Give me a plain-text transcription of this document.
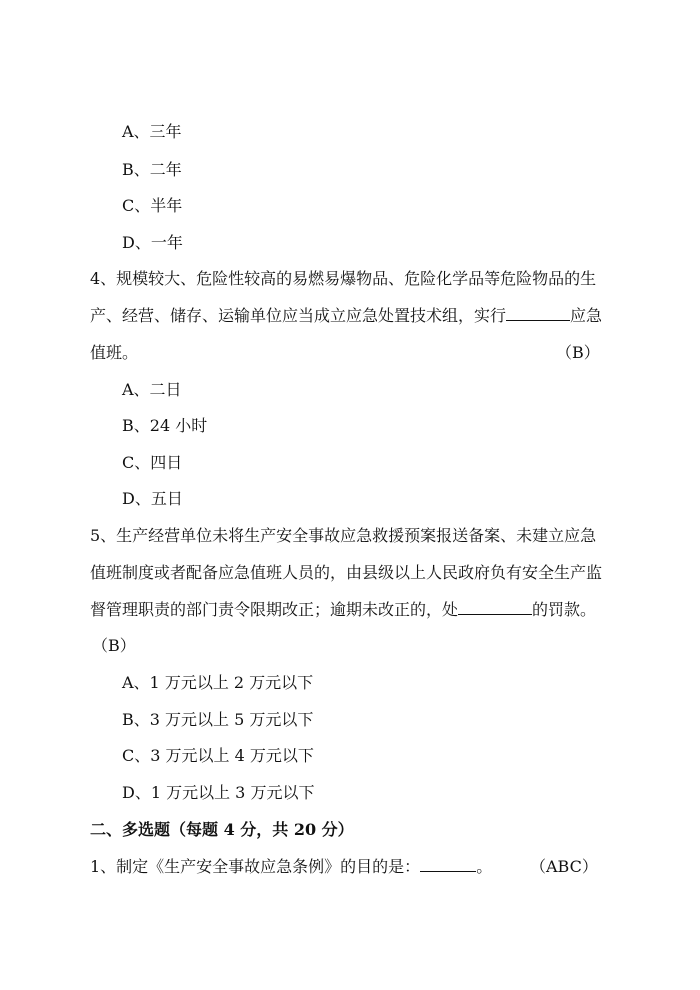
A、三年
B、二年
C、半年
D、一年
4、规模较大、危险性较高的易燃易爆物品、危险化学品等危险物品的生
产、经营、储存、运输单位应当成立应急处置技术组，实行	应急
值班。	（B）
A、二日
B、24 小时
C、四日
D、五日
5、生产经营单位未将生产安全事故应急救援预案报送备案、未建立应急
值班制度或者配备应急值班人员的，由县级以上人民政府负有安全生产监
督管理职责的部门责令限期改正；逾期未改正的，处	的罚款。
（B）
A、1 万元以上 2 万元以下
B、3 万元以上 5 万元以下
C、3 万元以上 4 万元以下
D、1 万元以上 3 万元以下
二、多选题（每题 4 分，共 20 分）
1、制定《生产安全事故应急条例》的目的是：	。 （ABC）
